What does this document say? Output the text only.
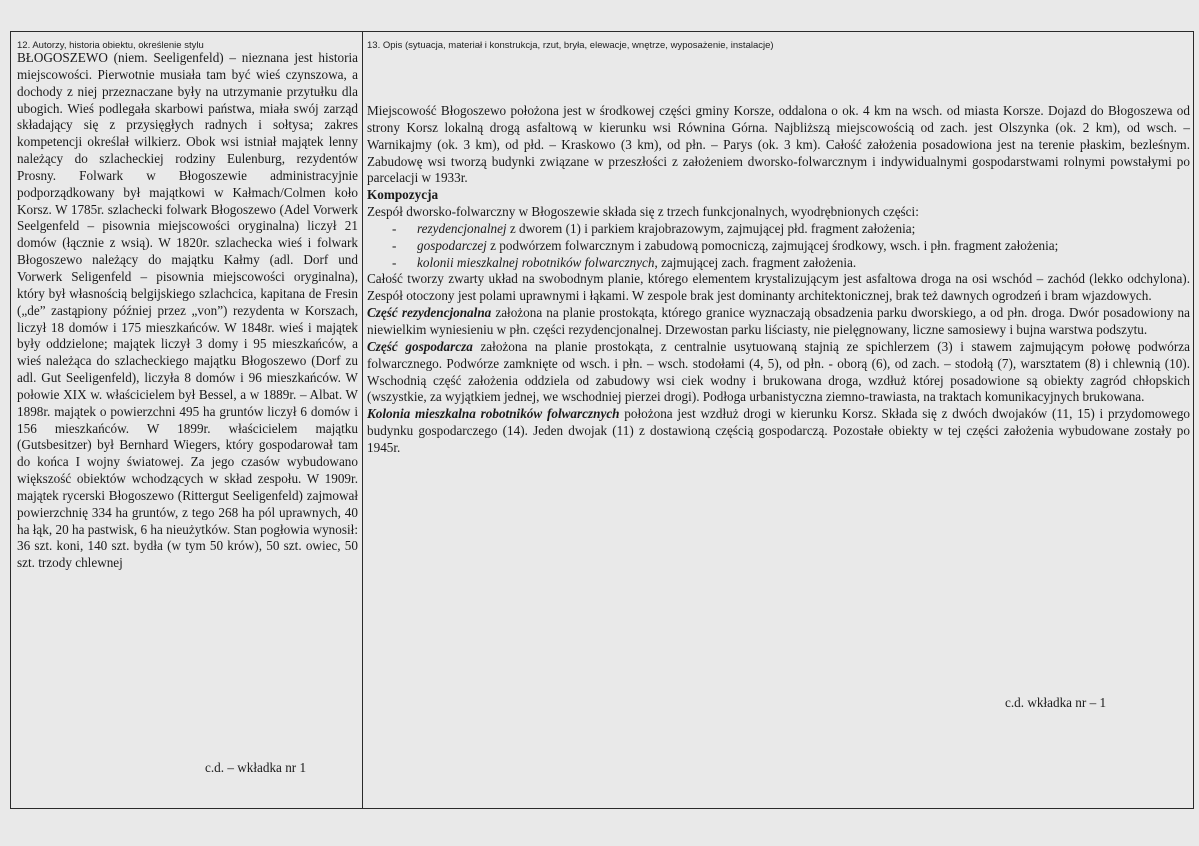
12. Autorzy, historia obiektu, określenie stylu	13. Opis (sytuacja, materiał i konstrukcja, rzut, bryła, elewacje, wnętrze, wyposażenie, instalacje)

BŁOGOSZEWO (niem. Seeligenfeld) – nieznana jest historia miejscowości. Pierwotnie musiała tam być wieś czynszowa, a dochody z niej przeznaczane były na utrzymanie przytułku dla ubogich. Wieś podlegała skarbowi państwa, miała swój zarząd składający się z przysięgłych radnych i sołtysa; zakres kompetencji określał wilkierz. Obok wsi istniał majątek lenny należący do szlacheckiej rodziny Eulenburg, rezydentów Prosny. Folwark w Błogoszewie administracyjnie podporządkowany był majątkowi w Kałmach/Colmen koło Korsz. W 1785r. szlachecki folwark Błogoszewo (Adel Vorwerk Seelgenfeld – pisownia miejscowości oryginalna) liczył 21 domów (łącznie z wsią). W 1820r. szlachecka wieś i folwark Błogoszewo należący do majątku Kałmy (adl. Dorf und Vorwerk Seligenfeld – pisownia miejscowości oryginalna), który był własnością belgijskiego szlachcica, kapitana de Fresin („de” zastąpiony później przez „von”) rezydenta w Korszach, liczył 18 domów i 175 mieszkańców. W 1848r. wieś i majątek były oddzielone; majątek liczył 3 domy i 95 mieszkańców, a wieś należąca do szlacheckiego majątku Błogoszewo (Dorf zu adl. Gut Seeligenfeld), liczyła 8 domów i 96 mieszkańców. W połowie XIX w. właścicielem był Bessel, a w 1889r. – Albat. W 1898r. majątek o powierzchni 495 ha gruntów liczył 6 domów i 156 mieszkańców. W 1899r. właścicielem majątku (Gutsbesitzer) był Bernhard Wiegers, który gospodarował tam do końca I wojny światowej. Za jego czasów wybudowano większość obiektów wchodzących w skład zespołu. W 1909r. majątek rycerski Błogoszewo (Rittergut Seeligenfeld) zajmował powierzchnię 334 ha gruntów, z tego 268 ha pól uprawnych, 40 ha łąk, 20 ha pastwisk, 6 ha nieużytków. Stan pogłowia wynosił: 36 szt. koni, 140 szt. bydła (w tym 50 krów), 50 szt. owiec, 50 szt. trzody chlewnej

c.d. – wkładka nr 1

Miejscowość Błogoszewo położona jest w środkowej części gminy Korsze, oddalona o ok. 4 km na wsch. od miasta Korsze. Dojazd do Błogoszewa od strony Korsz lokalną drogą asfaltową w kierunku wsi Równina Górna. Najbliższą miejscowością od zach. jest Olszynka (ok. 2 km), od wsch. – Warnikajmy (ok. 3 km), od płd. – Kraskowo (3 km), od płn. – Parys (ok. 3 km). Całość założenia posadowiona jest na terenie płaskim, bezleśnym. Zabudowę wsi tworzą budynki związane w przeszłości z założeniem dworsko-folwarcznym i indywidualnymi gospodarstwami rolnymi powstałymi po parcelacji w 1933r.

Kompozycja

Zespół dworsko-folwarczny w Błogoszewie składa się z trzech funkcjonalnych, wyodrębnionych części:

- rezydencjonalnej z dworem (1) i parkiem krajobrazowym, zajmującej płd. fragment założenia;
- gospodarczej z podwórzem folwarcznym i zabudową pomocniczą, zajmującej środkowy, wsch. i płn. fragment założenia;
- kolonii mieszkalnej robotników folwarcznych, zajmującej zach. fragment założenia.

Całość tworzy zwarty układ na swobodnym planie, którego elementem krystalizującym jest asfaltowa droga na osi wschód – zachód (lekko odchylona). Zespół otoczony jest polami uprawnymi i łąkami. W zespole brak jest dominanty architektonicznej, brak też dawnych ogrodzeń i bram wjazdowych.

Część rezydencjonalna założona na planie prostokąta, którego granice wyznaczają obsadzenia parku dworskiego, a od płn. droga. Dwór posadowiony na niewielkim wyniesieniu w płn. części rezydencjonalnej. Drzewostan parku liściasty, nie pielęgnowany, liczne samosiewy i bujna warstwa podszytu.

Część gospodarcza założona na planie prostokąta, z centralnie usytuowaną stajnią ze spichlerzem (3) i stawem zajmującym połowę podwórza folwarcznego. Podwórze zamknięte od wsch. i płn. – wsch. stodołami (4, 5), od płn. - oborą (6), od zach. – stodołą (7), warsztatem (8) i chlewnią (10). Wschodnią część założenia oddziela od zabudowy wsi ciek wodny i brukowana droga, wzdłuż której posadowione są obiekty zagród chłopskich (wszystkie, za wyjątkiem jednej, we wschodniej pierzei drogi). Podłoga urbanistyczna ziemno-trawiasta, na traktach komunikacyjnych brukowana.

Kolonia mieszkalna robotników folwarcznych położona jest wzdłuż drogi w kierunku Korsz. Składa się z dwóch dwojaków (11, 15) i przydomowego budynku gospodarczego (14). Jeden dwojak (11) z dostawioną częścią gospodarczą. Pozostałe obiekty w tej części założenia wybudowane zostały po 1945r.

c.d. wkładka nr – 1
